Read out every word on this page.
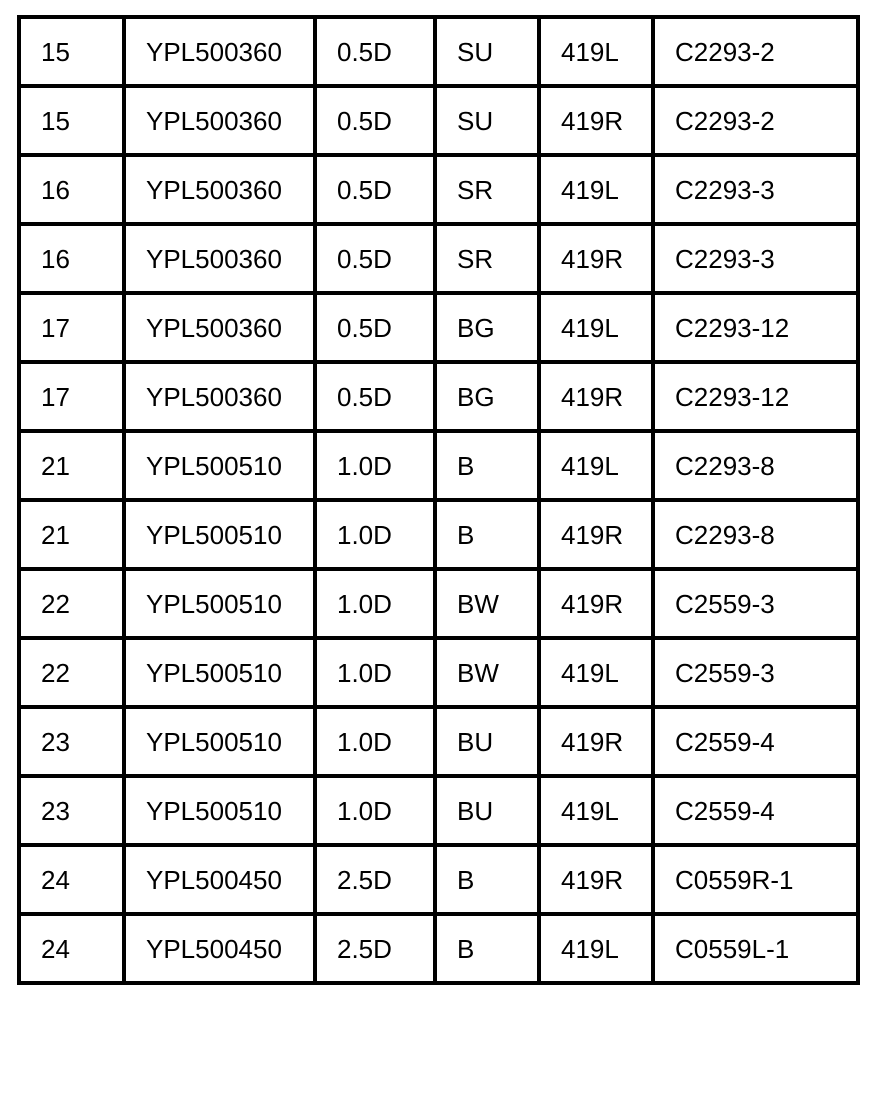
15	YPL500360	0.5D	SU	419L	C2293-2
15	YPL500360	0.5D	SU	419R	C2293-2
16	YPL500360	0.5D	SR	419L	C2293-3
16	YPL500360	0.5D	SR	419R	C2293-3
17	YPL500360	0.5D	BG	419L	C2293-12
17	YPL500360	0.5D	BG	419R	C2293-12
21	YPL500510	1.0D	B	419L	C2293-8
21	YPL500510	1.0D	B	419R	C2293-8
22	YPL500510	1.0D	BW	419R	C2559-3
22	YPL500510	1.0D	BW	419L	C2559-3
23	YPL500510	1.0D	BU	419R	C2559-4
23	YPL500510	1.0D	BU	419L	C2559-4
24	YPL500450	2.5D	B	419R	C0559R-1
24	YPL500450	2.5D	B	419L	C0559L-1
